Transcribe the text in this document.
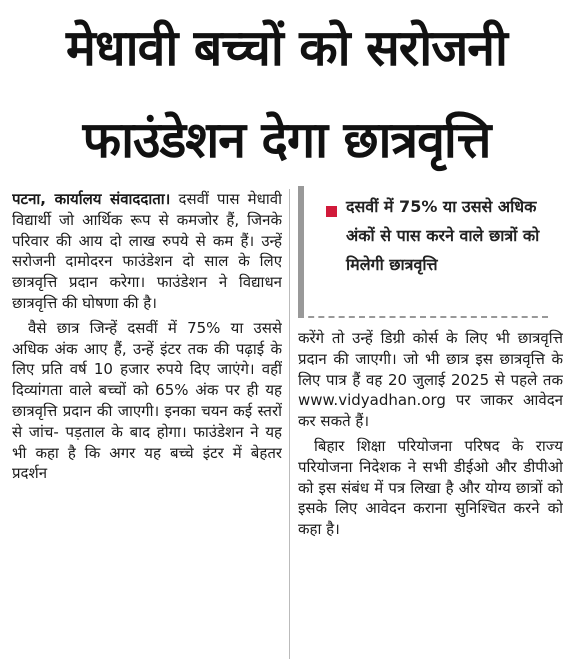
मेधावी बच्चों को सरोजनी
फाउंडेशन देगा छात्रवृत्ति

पटना, कार्यालय संवाददाता। दसवीं पास मेधावी विद्यार्थी जो आर्थिक रूप से कमजोर हैं, जिनके परिवार की आय दो लाख रुपये से कम हैं। उन्हें सरोजनी दामोदरन फाउंडेशन दो साल के लिए छात्रवृत्ति प्रदान करेगा। फाउंडेशन ने विद्याधन छात्रवृत्ति की घोषणा की है।

वैसे छात्र जिन्हें दसवीं में 75% या उससे अधिक अंक आए हैं, उन्हें इंटर तक की पढ़ाई के लिए प्रति वर्ष 10 हजार रुपये दिए जाएंगे। वहीं दिव्यांगता वाले बच्चों को 65% अंक पर ही यह छात्रवृत्ति प्रदान की जाएगी। इनका चयन कई स्तरों से जांच- पड़ताल के बाद होगा। फाउंडेशन ने यह भी कहा है कि अगर यह बच्चे इंटर में बेहतर प्रदर्शन

दसवीं में 75% या उससे अधिक अंकों से पास करने वाले छात्रों को मिलेगी छात्रवृत्ति

करेंगे तो उन्हें डिग्री कोर्स के लिए भी छात्रवृत्ति प्रदान की जाएगी। जो भी छात्र इस छात्रवृत्ति के लिए पात्र हैं वह 20 जुलाई 2025 से पहले तक www.vidyadhan.org पर जाकर आवेदन कर सकते हैं।

बिहार शिक्षा परियोजना परिषद के राज्य परियोजना निदेशक ने सभी डीईओ और डीपीओ को इस संबंध में पत्र लिखा है और योग्य छात्रों को इसके लिए आवेदन कराना सुनिश्चित करने को कहा है।
